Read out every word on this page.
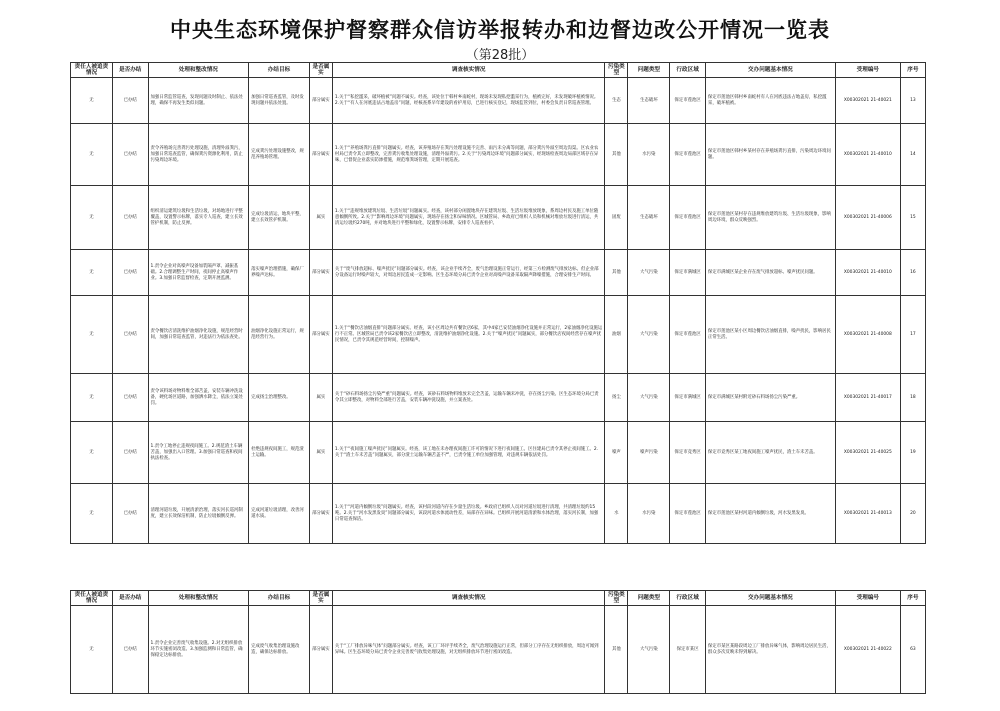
中央生态环境保护督察群众信访举报转办和边督边改公开情况一览表
（第28批）
责任人被追责情况	是否办结	处理和整改情况	办结目标	是否属实	调查核实情况	污染类型	问题类型	行政区域	交办问题基本情况	受理编号	序号
无	已办结	加强日常监管巡查，发现问题及时制止、依法处理，确保不再发生类似问题。	加强日常巡查监管，及时发现问题并依法处置。	部分属实	1.关于“私挖滥采，破坏植被”问题不属实。经查，该处位于韩村乡南蛇村，现场未发现私挖滥采行为，植被完好，未发现破坏植被情况。2.关于“有人在河底违法占地盖房”问题，经核查系早年建设的看护用房，已进行核实登记，现场监管到位，村委会负责日常巡查管理。	生态	生态破坏	保定市莲池区	保定市莲池区韩村乡南蛇村有人在河底违法占地盖房，私挖滥采，破坏植被。	X00302021 21-40021	13
无	已办结	责令养殖场完善粪污处理设施，清理外溢粪污，加强日常巡查监管，确保粪污资源化利用，防止污染周边环境。	完成粪污处理设施整改，规范养殖场管理。	部分属实	1.关于“养殖场粪污直排”问题属实。经查，该养殖场存在粪污处理设施不完善、雨污未分离等问题，部分粪污外溢至周边沟渠。区农业农村局已责令其立即整改，完善粪污收集处理设施，清理外溢粪污。2.关于“污染周边环境”问题部分属实，经现场检查周边局部区域存在异味，已督促企业落实防渗措施，规范堆粪场管理，定期开展巡查。	其他	水污染	保定市莲池区	保定市莲池区韩村乡某村存在养殖场粪污直排，污染周边环境问题。	X00302021 21-40010	14
无	已办结	组织清运建筑垃圾和生活垃圾，对场地进行平整覆盖，设置警示标牌，落实专人巡查，建立长效管护机制，防止反弹。	完成垃圾清运，地块平整，建立长效管护机制。	属实	1.关于“违规堆放建筑垃圾、生活垃圾”问题属实。经查，该村部分闲置地块存在建筑垃圾、生活垃圾堆放现象，系周边村民及施工单位随意倾倒所致。2.关于“影响周边环境”问题属实，现场存在扬尘和异味情况。区城管局、乡政府已组织人员和机械对堆放垃圾进行清运，共清运垃圾约270吨，并对地块进行平整和绿化，设置警示标牌，安排专人巡查看护。	固废	生态破坏	保定市莲池区	保定市莲池区某村存在违规堆放建筑垃圾、生活垃圾现象，影响周边环境，群众反映强烈。	X00302021 21-40006	15
无	已办结	1.责令企业对高噪声设备加装隔声罩、减振基础。2.合理调整生产时间，夜间停止高噪声作业。3.加强日常监督检查，定期开展监测。	落实噪声治理措施，确保厂界噪声达标。	部分属实	关于“废气排放超标、噪声扰民”问题部分属实。经查，该企业手续齐全，废气治理设施正常运行，经第三方检测废气排放达标。但企业部分设备运行时噪声较大，对周边居民造成一定影响。区生态环境分局已责令企业对高噪声设备采取隔声降噪措施，合理安排生产时间。	其他	大气污染	保定市满城区	保定市满城区某企业存在废气排放超标、噪声扰民问题。	X00302021 21-40010	16
无	已办结	责令餐饮店清洗维护油烟净化设施，规范经营时间，加强日常巡查监管，对违法行为依法查处。	油烟净化设施正常运行，规范经营行为。	部分属实	1.关于“餐饮店油烟直排”问题部分属实。经查，该小区周边共有餐饮店6家，其中4家已安装油烟净化设施并正常运行，2家油烟净化设施运行不正常。区城管局已责令该2家餐饮店立即整改，清洗维护油烟净化设施。2.关于“噪声扰民”问题属实，部分餐饮店夜间经营存在噪声扰民情况，已责令其规范经营时间，控制噪声。	油烟	大气污染	保定市莲池区	保定市莲池区某小区周边餐饮店油烟直排，噪声扰民，影响居民正常生活。	X00302021 21-40008	17
无	已办结	责令该料场对物料堆全部苫盖，安装车辆冲洗设备，硬化场区道路，加强洒水降尘，依法立案处罚。	完成扬尘治理整改。	属实	关于“砂石料场扬尘污染严重”问题属实。经查，该砂石料场物料堆放未完全苫盖，运输车辆未冲洗，存在扬尘污染。区生态环境分局已责令其立即整改，对物料全部进行苫盖，安装车辆冲洗设施，并立案查处。	扬尘	大气污染	保定市满城区	保定市满城区某村附近砂石料场扬尘污染严重。	X00302021 21-40017	18
无	已办结	1.责令工地停止违规夜间施工。2.规范渣土车辆苫盖，加强出入口管理。3.加强日常巡查和夜间执法检查。	杜绝违规夜间施工，规范渣土运输。	属实	1.关于“夜间施工噪声扰民”问题属实。经查，该工地在未办理夜间施工许可的情况下进行夜间施工。区住建局已责令其停止夜间施工。2.关于“渣土车未苫盖”问题属实，部分渣土运输车辆苫盖不严，已责令施工单位加强管理，对违规车辆依法处罚。	噪声	噪声污染	保定市竞秀区	保定市竞秀区某工地夜间施工噪声扰民，渣土车未苫盖。	X00302021 21-40025	19
无	已办结	清理河道垃圾，开展清淤治理，落实河长巡河制度，建立长效保洁机制，防止垃圾倾倒反弹。	完成河道垃圾清理，改善河道水质。	部分属实	1.关于“河道内倾倒垃圾”问题属实。经查，该村段河道内存在少量生活垃圾。乡政府已组织人员对河道垃圾进行清理，共清理垃圾约15吨。2.关于“河水发黑发臭”问题部分属实，该段河道水体流动性差，局部存在异味。已组织开展河道清淤和水体治理，落实河长制，加强日常巡查保洁。	水	水污染	保定市莲池区	保定市莲池区某村河道内倾倒垃圾，河水发黑发臭。	X00302021 21-40013	20
责任人被追责情况	是否办结	处理和整改情况	办结目标	是否属实	调查核实情况	污染类型	问题类型	行政区域	交办问题基本情况	受理编号	序号
无	已办结	1.责令企业完善废气收集设施。2.对无组织排放环节实施密闭改造。3.加强监测和日常监管，确保稳定达标排放。	完成废气收集治理设施改造，确保达标排放。	部分属实	关于“工厂排放异味气体”问题部分属实。经查，该工厂环评手续齐全，废气治理设施运行正常，但部分工序存在无组织排放，周边可闻到异味。区生态环境分局已责令企业完善废气收集处理设施，对无组织排放环节进行密闭改造。	其他	大气污染	保定市某区	保定市某区某路段周边工厂排放异味气体，影响周边居民生活，群众多次反映未得到解决。	X00302021 21-40022	63
